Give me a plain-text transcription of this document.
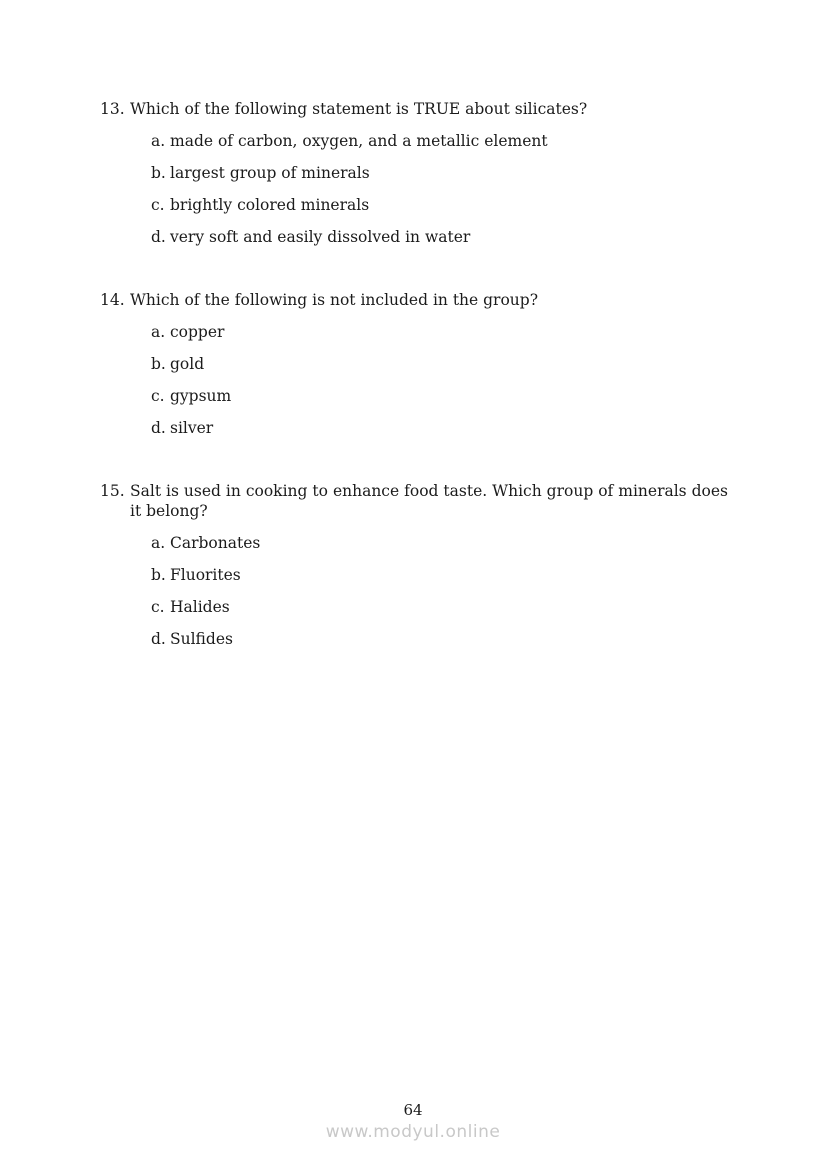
13. Which of the following statement is TRUE about silicates?
a. made of carbon, oxygen, and a metallic element
b. largest group of minerals
c. brightly colored minerals
d. very soft and easily dissolved in water
14. Which of the following is not included in the group?
a. copper
b. gold
c. gypsum
d. silver
15. Salt is used in cooking to enhance food taste. Which group of minerals does it belong?
a. Carbonates
b. Fluorites
c. Halides
d. Sulfides
64
www.modyul.online
